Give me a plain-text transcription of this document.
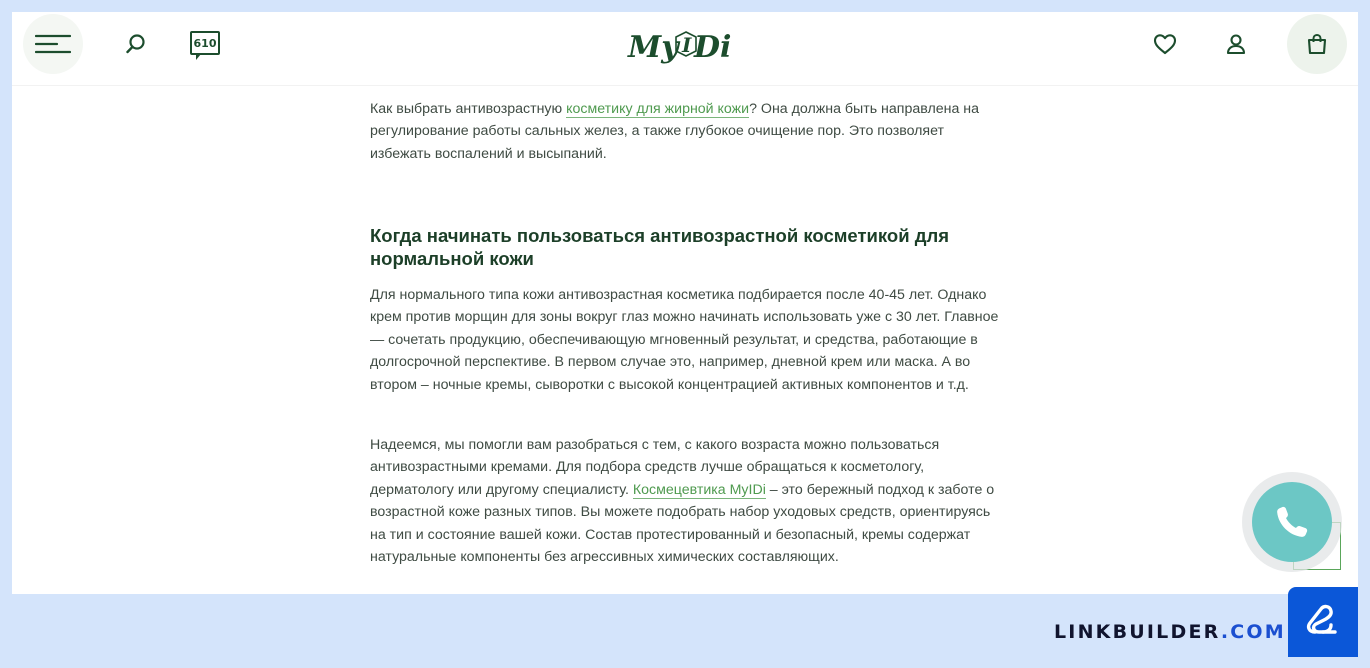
610	My I Di

Как выбрать антивозрастную косметику для жирной кожи? Она должна быть направлена на регулирование работы сальных желез, а также глубокое очищение пор. Это позволяет избежать воспалений и высыпаний.

Когда начинать пользоваться антивозрастной косметикой для нормальной кожи

Для нормального типа кожи антивозрастная косметика подбирается после 40-45 лет. Однако крем против морщин для зоны вокруг глаз можно начинать использовать уже с 30 лет. Главное — сочетать продукцию, обеспечивающую мгновенный результат, и средства, работающие в долгосрочной перспективе. В первом случае это, например, дневной крем или маска. А во втором – ночные кремы, сыворотки с высокой концентрацией активных компонентов и т.д.

Надеемся, мы помогли вам разобраться с тем, с какого возраста можно пользоваться антивозрастными кремами. Для подбора средств лучше обращаться к косметологу, дерматологу или другому специалисту. Космецевтика MyIDi – это бережный подход к заботе о возрастной коже разных типов. Вы можете подобрать набор уходовых средств, ориентируясь на тип и состояние вашей кожи. Состав протестированный и безопасный, кремы содержат натуральные компоненты без агрессивных химических составляющих.

LINKBUILDER.COM
